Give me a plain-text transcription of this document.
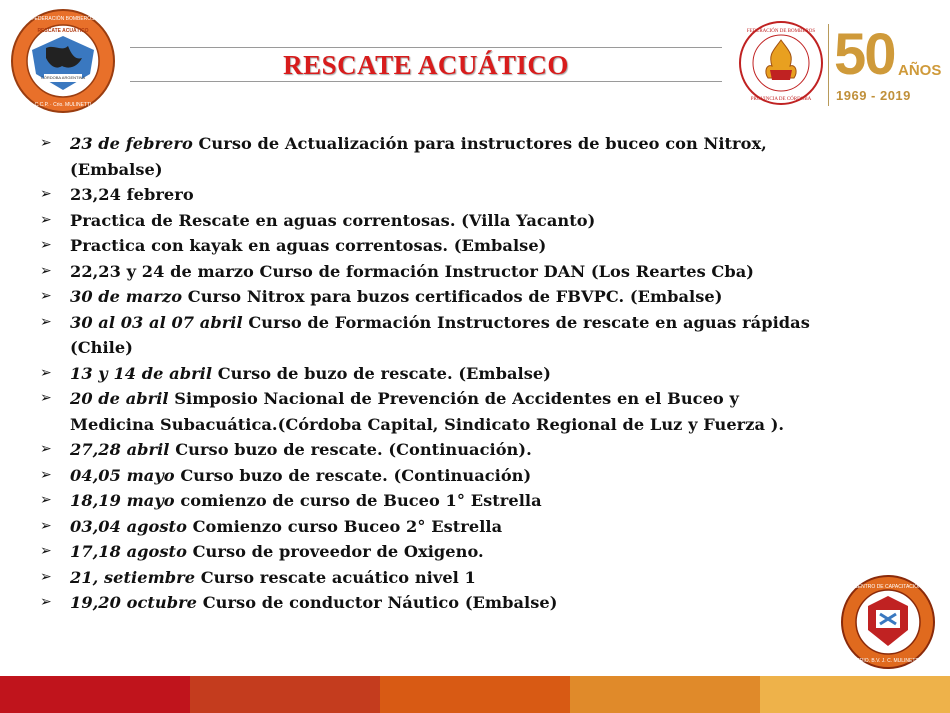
RESCATE ACUÁTICO
CÓRDOBA ARGENTINA
FEDERACIÓN BOMBEROS
RESCATE ACUÁTICO
C.C.P. · Crio. MULINETTI
FEDERACIÓN DE BOMBEROS
PROVINCIA DE CÓRDOBA
50 AÑOS
1969 - 2019
➢ 23 de febrero Curso de Actualización para instructores de buceo con Nitrox,
(Embalse)
➢ 23,24 febrero
➢ Practica de Rescate en aguas correntosas. (Villa Yacanto)
➢ Practica con kayak en aguas correntosas. (Embalse)
➢ 22,23 y 24 de marzo Curso de formación Instructor DAN (Los Reartes Cba)
➢ 30 de marzo Curso Nitrox para buzos certificados de FBVPC. (Embalse)
➢ 30 al 03 al 07 abril Curso de Formación Instructores de rescate en aguas rápidas
(Chile)
➢ 13 y 14 de abril Curso de buzo de rescate. (Embalse)
➢ 20 de abril Simposio Nacional de Prevención de Accidentes en el Buceo y
Medicina Subacuática.(Córdoba Capital, Sindicato Regional de Luz y Fuerza ).
➢ 27,28 abril Curso buzo de rescate. (Continuación).
➢ 04,05 mayo Curso buzo de rescate. (Continuación)
➢ 18,19 mayo comienzo de curso de Buceo 1° Estrella
➢ 03,04 agosto Comienzo curso Buceo 2° Estrella
➢ 17,18 agosto Curso de proveedor de Oxigeno.
➢ 21, setiembre Curso rescate acuático nivel 1
➢ 19,20 octubre Curso de conductor Náutico (Embalse)
CENTRO DE CAPACITACIÓN
CRIO. B.V. J. C. MULINETTI
